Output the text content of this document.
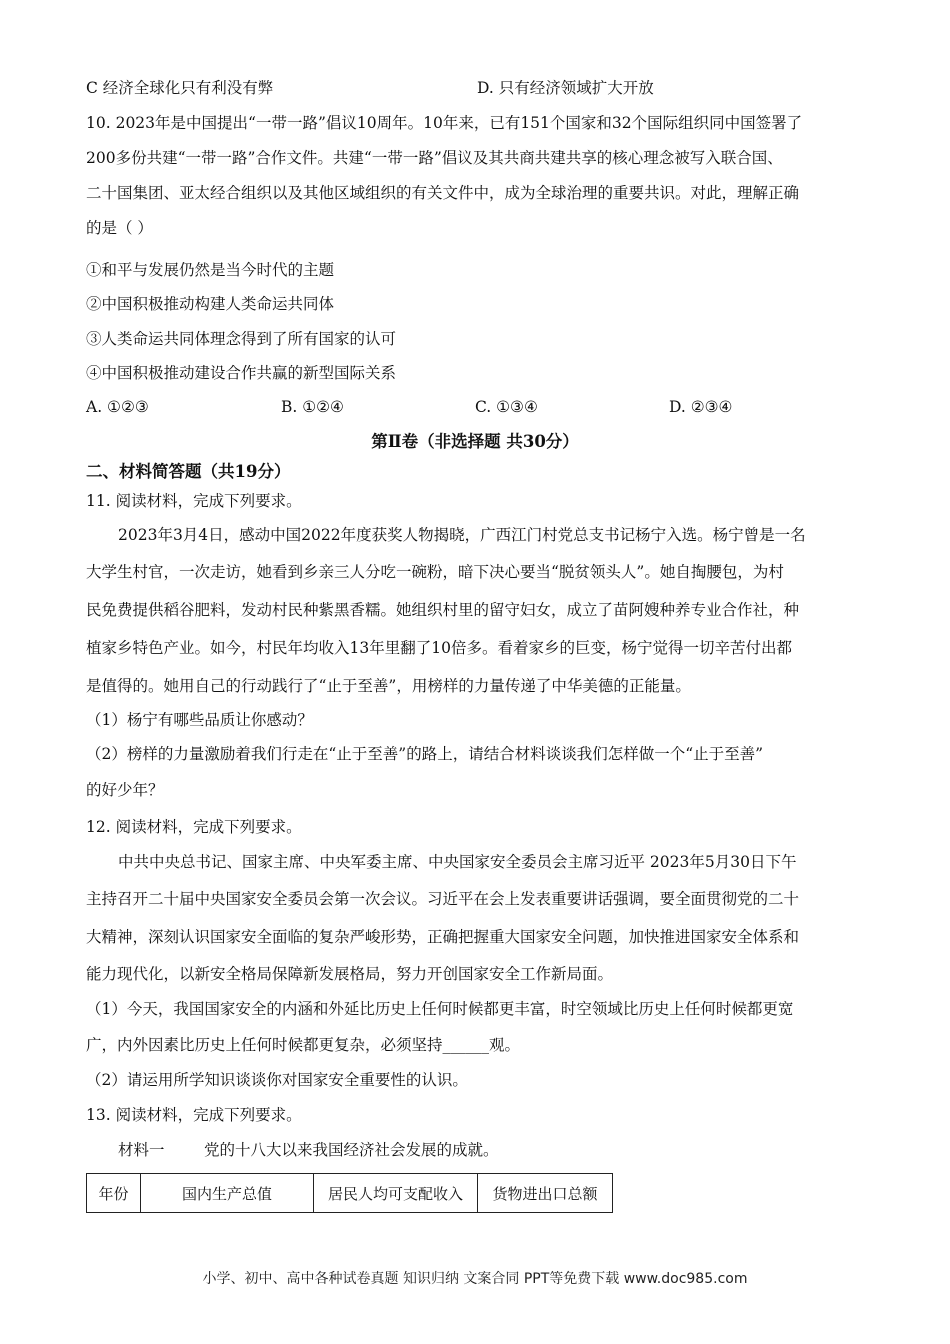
C 经济全球化只有利没有弊	D. 只有经济领域扩大开放
10. 2023年是中国提出“一带一路”倡议10周年。10年来，已有151个国家和32个国际组织同中国签署了
200多份共建“一带一路”合作文件。共建“一带一路”倡议及其共商共建共享的核心理念被写入联合国、
二十国集团、亚太经合组织以及其他区域组织的有关文件中，成为全球治理的重要共识。对此，理解正确
的是（ ）
①和平与发展仍然是当今时代的主题
②中国积极推动构建人类命运共同体
③人类命运共同体理念得到了所有国家的认可
④中国积极推动建设合作共赢的新型国际关系
A. ①②③	B. ①②④	C. ①③④	D. ②③④
第Ⅱ卷（非选择题 共30分）
二、材料简答题（共19分）
11. 阅读材料，完成下列要求。
2023年3月4日，感动中国2022年度获奖人物揭晓，广西江门村党总支书记杨宁入选。杨宁曾是一名
大学生村官，一次走访，她看到乡亲三人分吃一碗粉，暗下决心要当“脱贫领头人”。她自掏腰包，为村
民免费提供稻谷肥料，发动村民种紫黑香糯。她组织村里的留守妇女，成立了苗阿嫂种养专业合作社，种
植家乡特色产业。如今，村民年均收入13年里翻了10倍多。看着家乡的巨变，杨宁觉得一切辛苦付出都
是值得的。她用自己的行动践行了“止于至善”，用榜样的力量传递了中华美德的正能量。
（1）杨宁有哪些品质让你感动？
（2）榜样的力量激励着我们行走在“止于至善”的路上，请结合材料谈谈我们怎样做一个“止于至善”
的好少年？
12. 阅读材料，完成下列要求。
中共中央总书记、国家主席、中央军委主席、中央国家安全委员会主席习近平 2023年5月30日下午
主持召开二十届中央国家安全委员会第一次会议。习近平在会上发表重要讲话强调，要全面贯彻党的二十
大精神，深刻认识国家安全面临的复杂严峻形势，正确把握重大国家安全问题，加快推进国家安全体系和
能力现代化，以新安全格局保障新发展格局，努力开创国家安全工作新局面。
（1）今天，我国国家安全的内涵和外延比历史上任何时候都更丰富，时空领域比历史上任何时候都更宽
广，内外因素比历史上任何时候都更复杂，必须坚持______观。
（2）请运用所学知识谈谈你对国家安全重要性的认识。
13. 阅读材料，完成下列要求。
材料一	党的十八大以来我国经济社会发展的成就。
年份	国内生产总值	居民人均可支配收入	货物进出口总额
小学、初中、高中各种试卷真题 知识归纳 文案合同 PPT等免费下载 www.doc985.com
